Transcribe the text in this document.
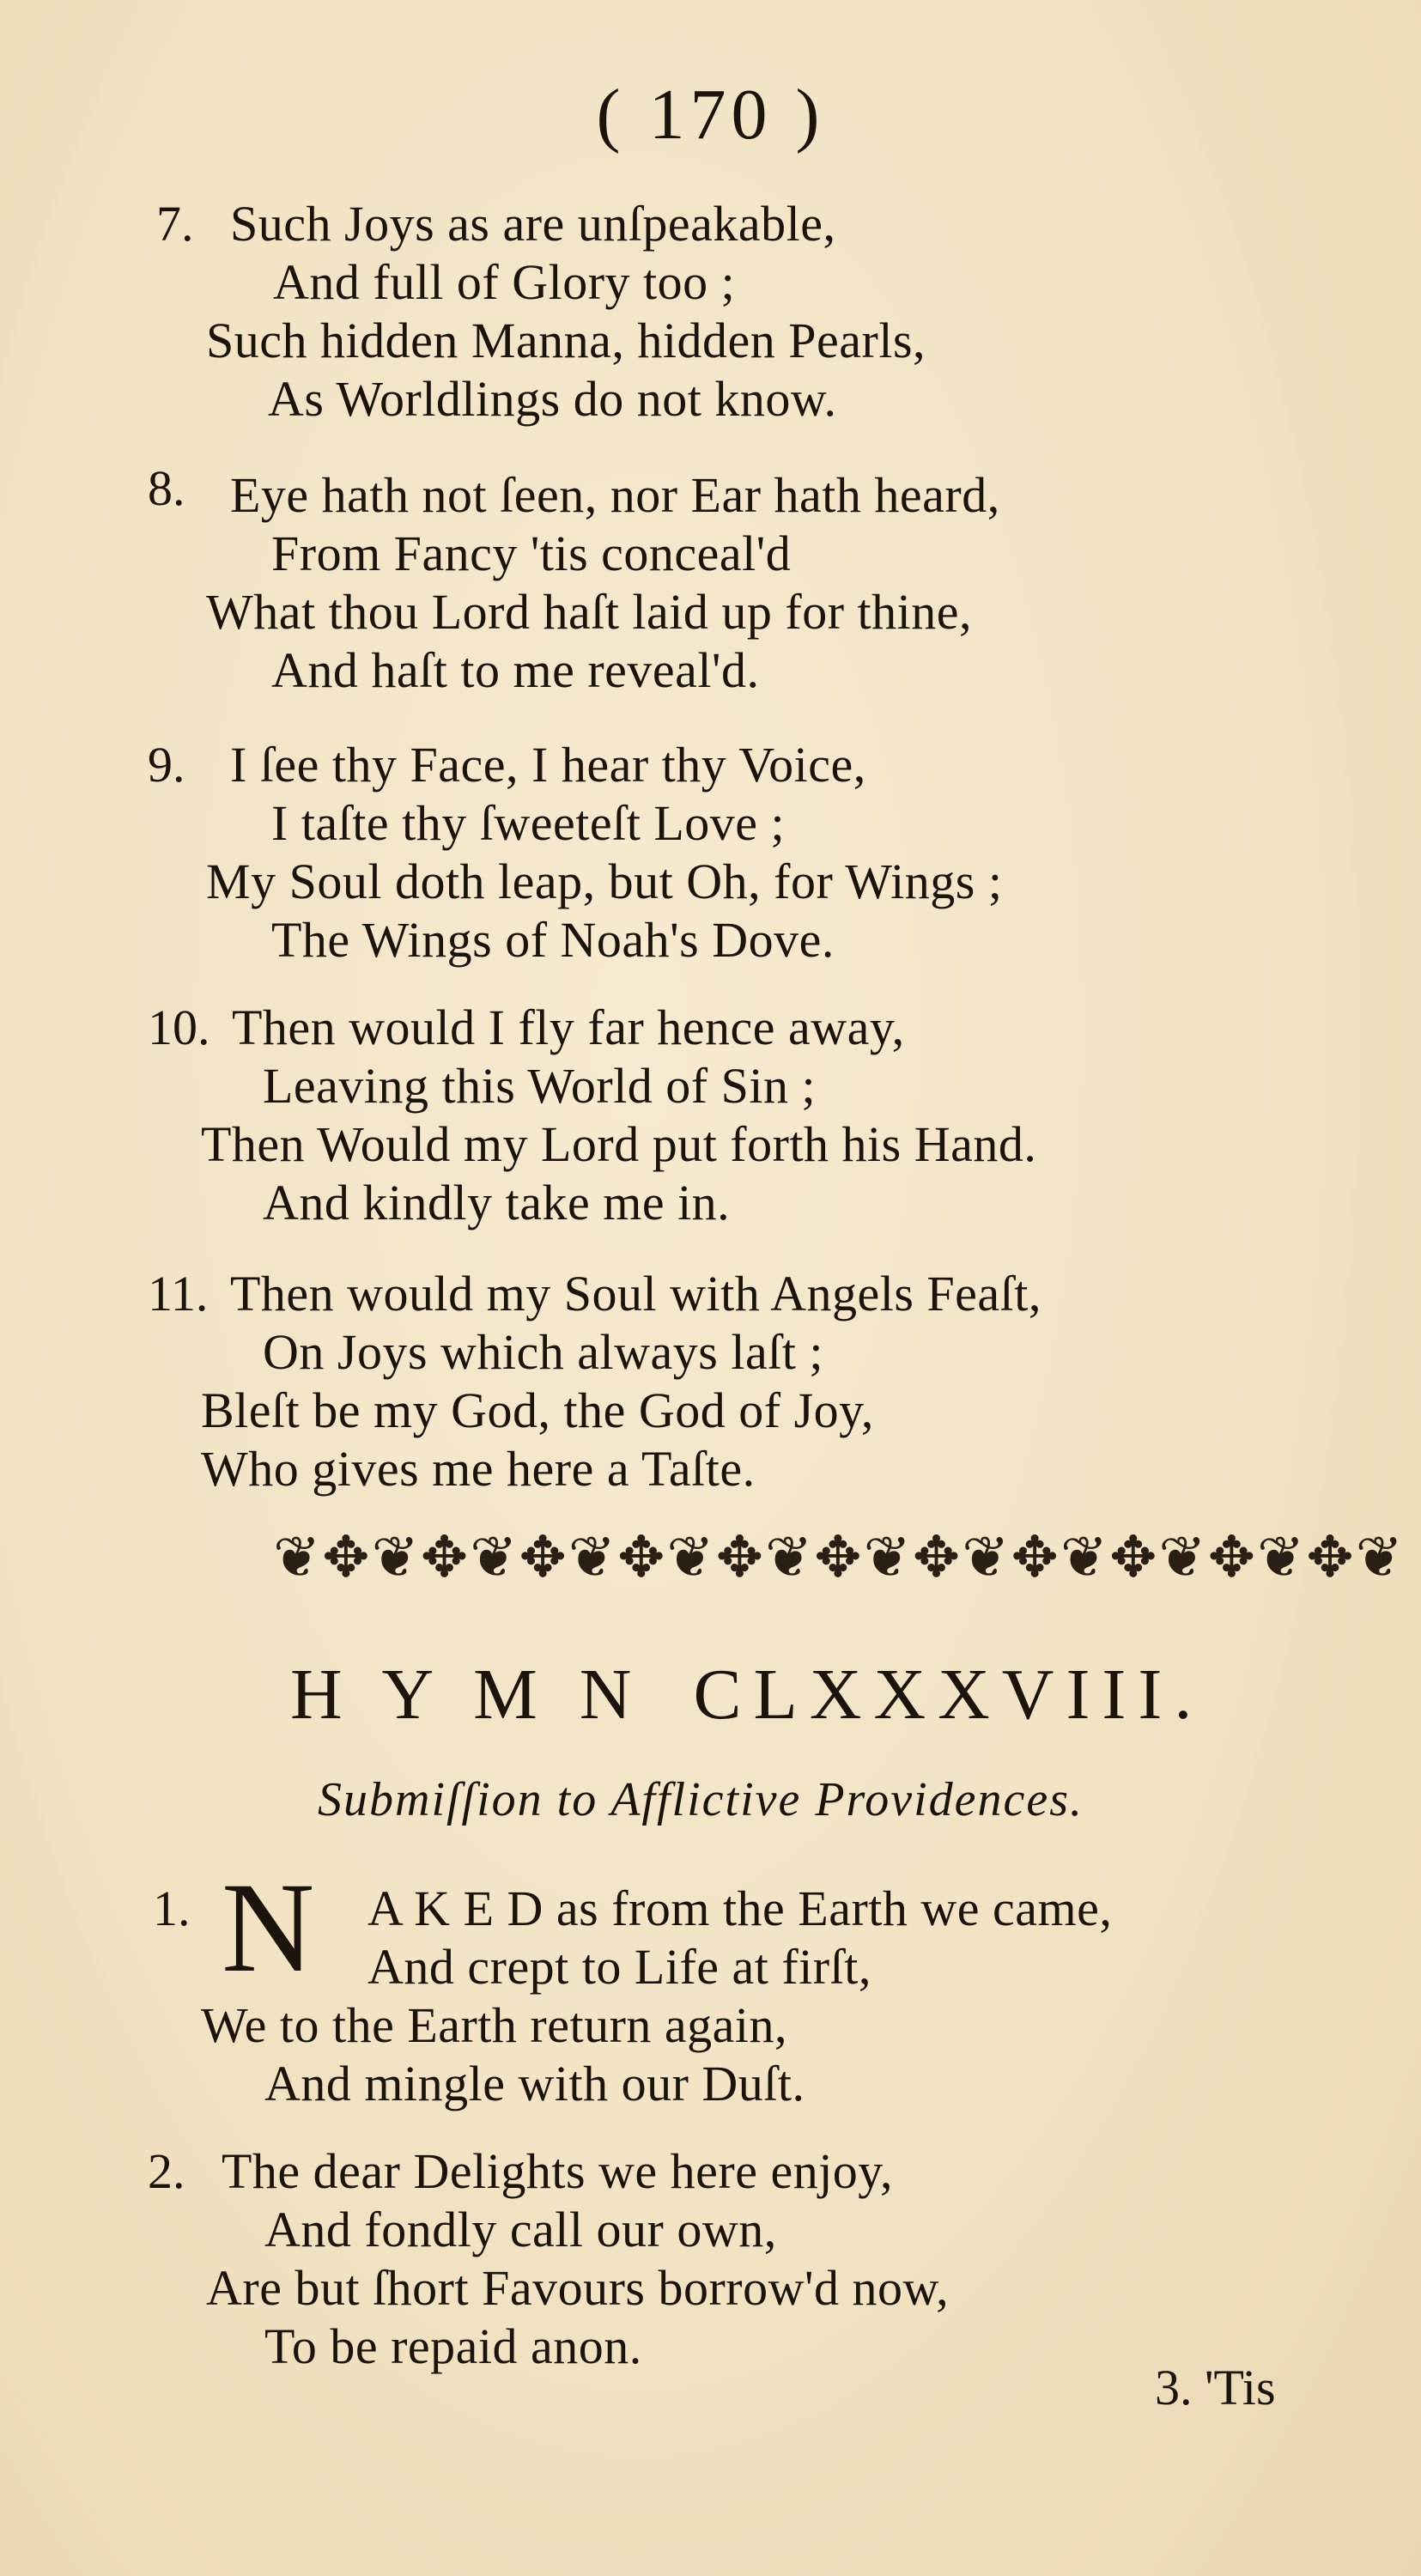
( 170 )
7. Such Joys as are unſpeakable,
And full of Glory too ;
Such hidden Manna, hidden Pearls,
As Worldlings do not know.
8. Eye hath not ſeen, nor Ear hath heard,
From Fancy 'tis conceal'd
What thou Lord haſt laid up for thine,
And haſt to me reveal'd.
9. I ſee thy Face, I hear thy Voice,
I taſte thy ſweeteſt Love ;
My Soul doth leap, but Oh, for Wings ;
The Wings of Noah's Dove.
10. Then would I fly far hence away,
Leaving this World of Sin ;
Then Would my Lord put forth his Hand.
And kindly take me in.
11. Then would my Soul with Angels Feaſt,
On Joys which always laſt ;
Bleſt be my God, the God of Joy,
Who gives me here a Taſte.
❦✥❦✥❦✥❦✥❦✥❦✥❦✥❦✥❦✥❦✥❦✥❦
H Y M N CLXXXVIII.
Submiſſion to Afflictive Providences.
1. N A K E D as from the Earth we came,
And crept to Life at firſt,
We to the Earth return again,
And mingle with our Duſt.
2. The dear Delights we here enjoy,
And fondly call our own,
Are but ſhort Favours borrow'd now,
To be repaid anon.
3. 'Tis
